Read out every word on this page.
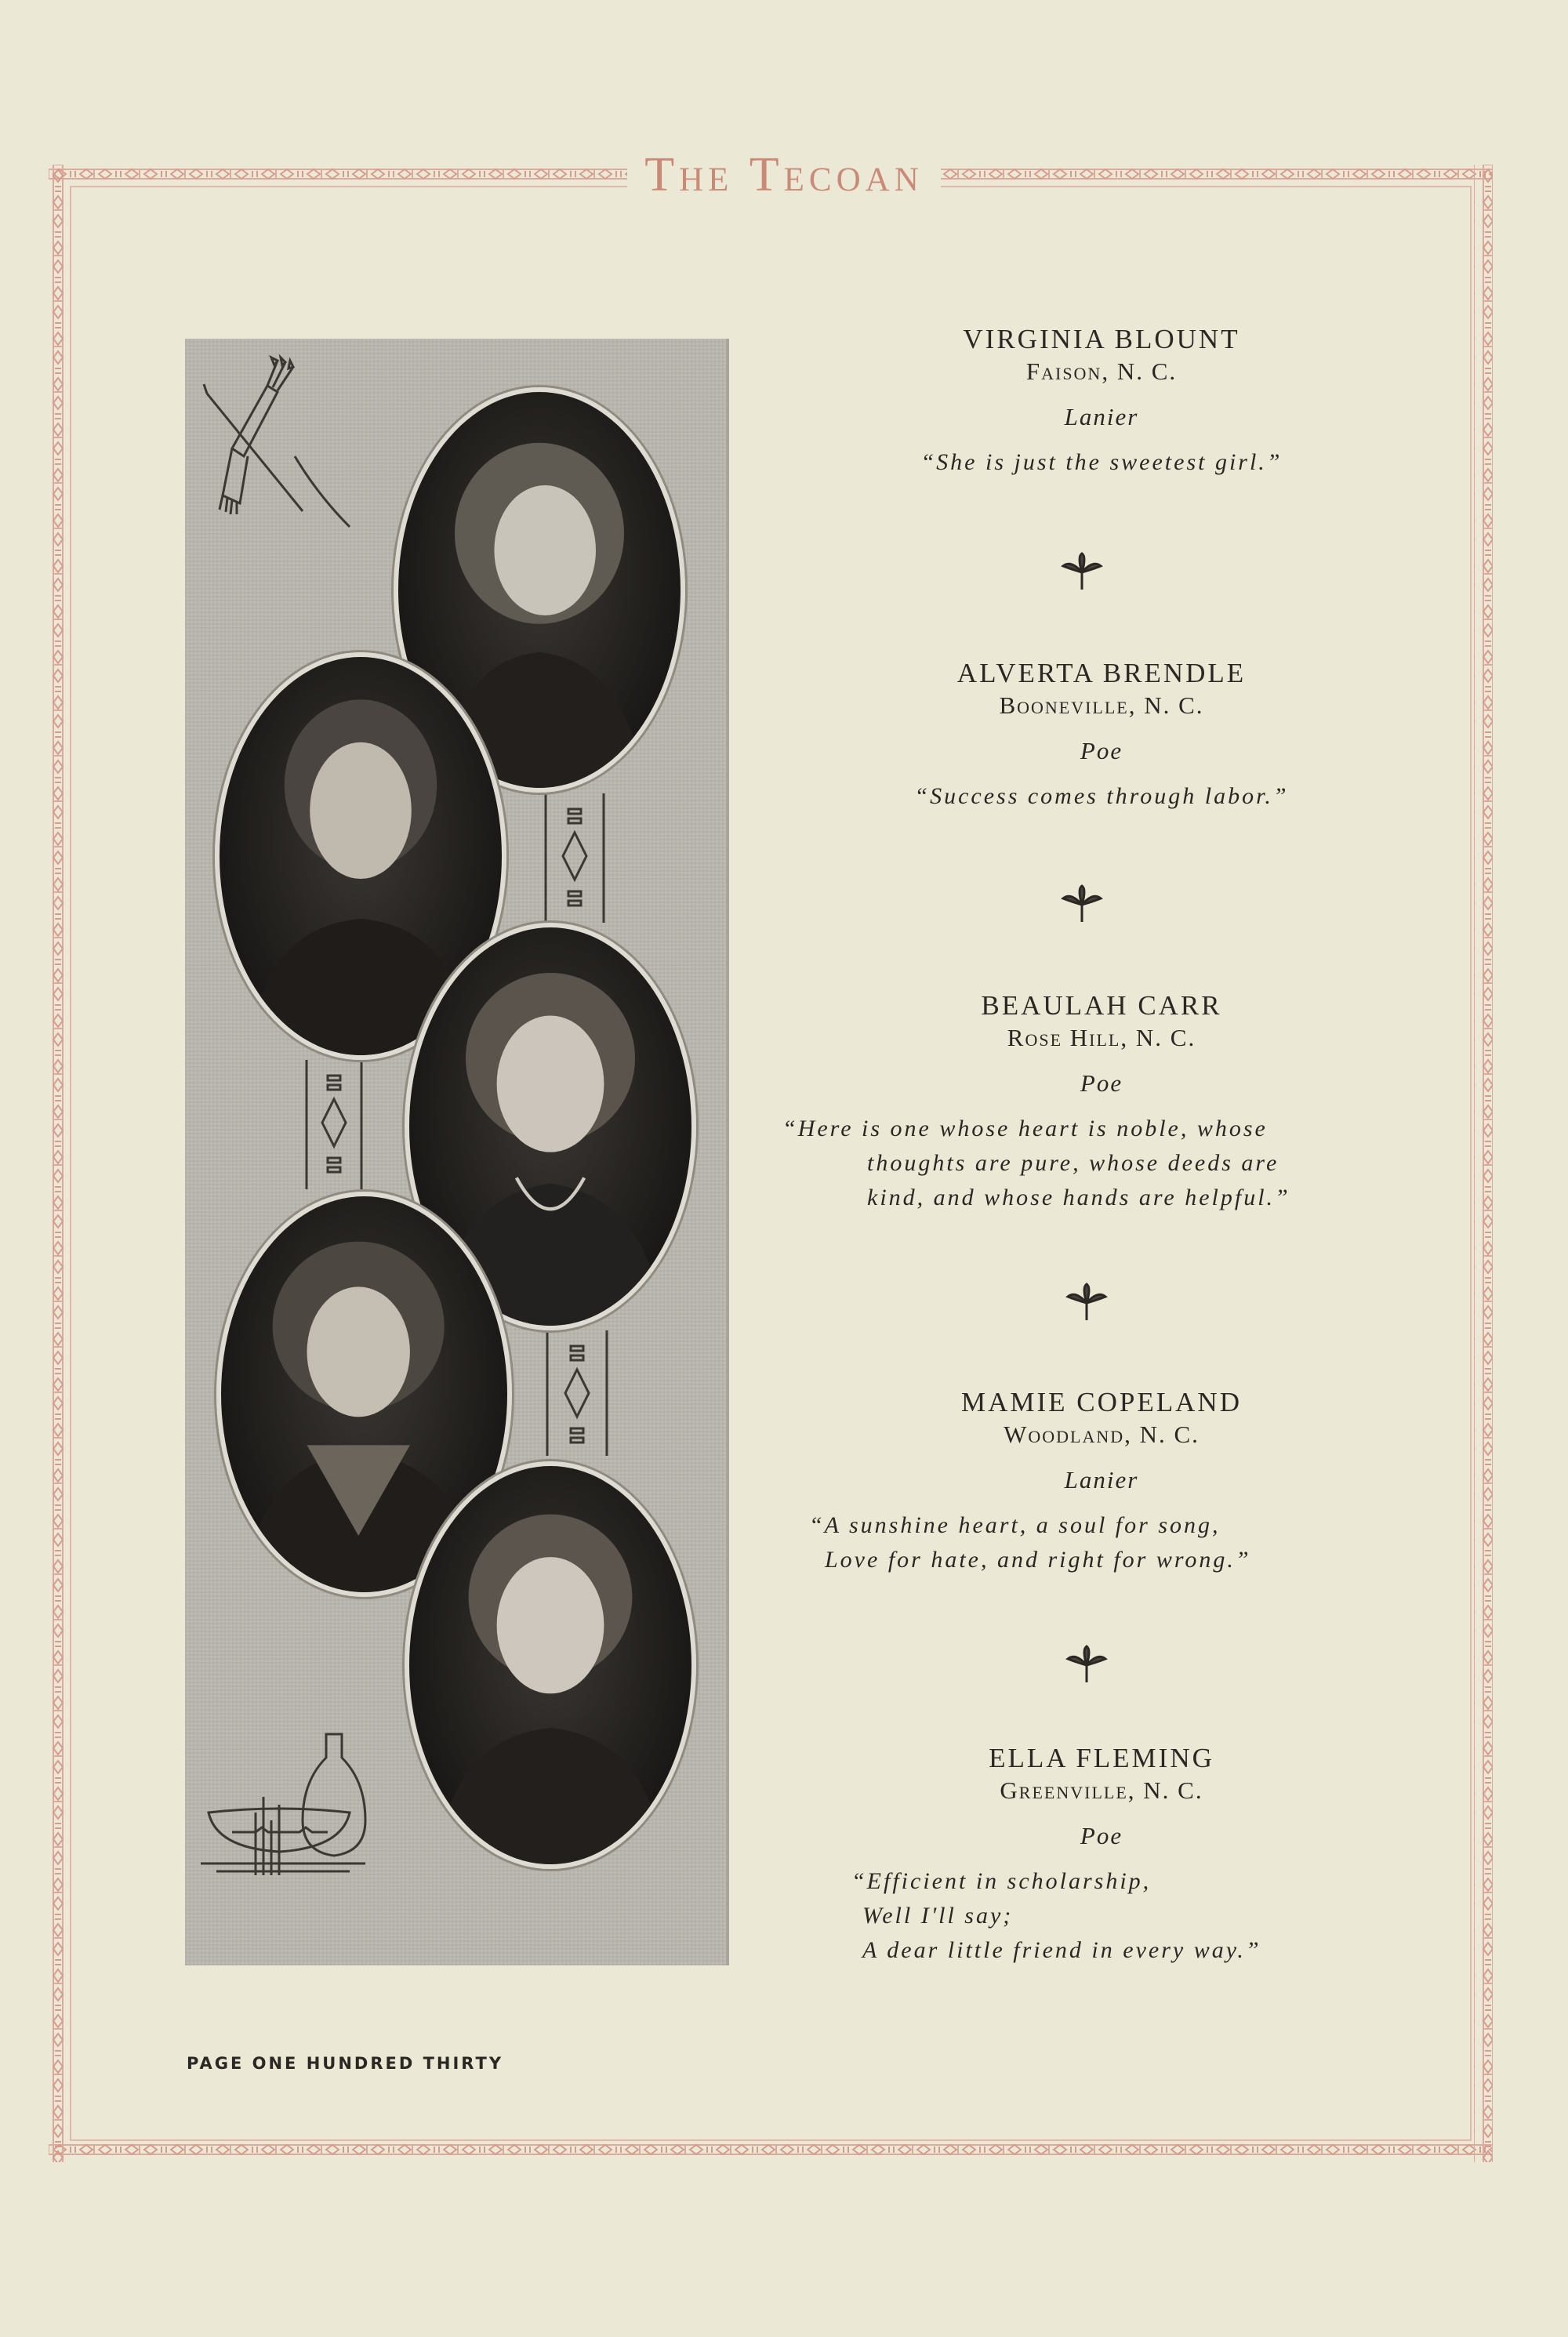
The Tecoan
VIRGINIA BLOUNT
Faison, N. C.
Lanier
“She is just the sweetest girl.”
ALVERTA BRENDLE
Booneville, N. C.
Poe
“Success comes through labor.”
BEAULAH CARR
Rose Hill, N. C.
Poe
“Here is one whose heart is noble, whose
thoughts are pure, whose deeds are
kind, and whose hands are helpful.”
MAMIE COPELAND
Woodland, N. C.
Lanier
“A sunshine heart, a soul for song,
Love for hate, and right for wrong.”
ELLA FLEMING
Greenville, N. C.
Poe
“Efficient in scholarship,
Well I'll say;
A dear little friend in every way.”
PAGE ONE HUNDRED THIRTY
